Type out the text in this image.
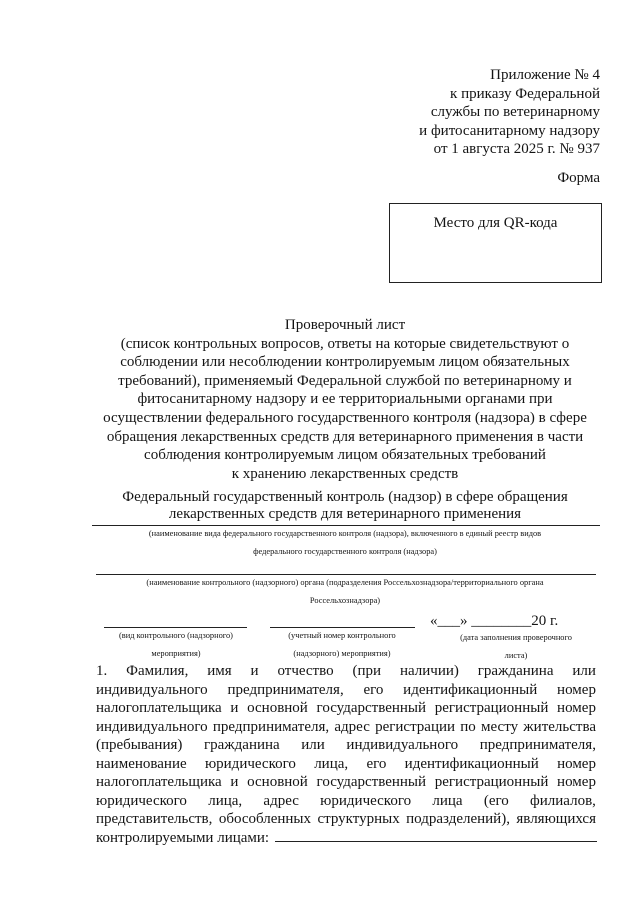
Приложение № 4
к приказу Федеральной
службы по ветеринарному
и фитосанитарному надзору
от 1 августа 2025 г. № 937
Форма
Место для QR-кода
Проверочный лист
(список контрольных вопросов, ответы на которые свидетельствуют о
соблюдении или несоблюдении контролируемым лицом обязательных
требований), применяемый Федеральной службой по ветеринарному и
фитосанитарному надзору и ее территориальными органами при
осуществлении федерального государственного контроля (надзора) в сфере
обращения лекарственных средств для ветеринарного применения в части
соблюдения контролируемым лицом обязательных требований
к хранению лекарственных средств
Федеральный государственный контроль (надзор) в сфере обращения
лекарственных средств для ветеринарного применения
(наименование вида федерального государственного контроля (надзора), включенного в единый реестр видов
федерального государственного контроля (надзора)
(наименование контрольного (надзорного) органа (подразделения Россельхознадзора/территориального органа
Россельхознадзора)
(вид контрольного (надзорного)
мероприятия)
(учетный номер контрольного
(надзорного) мероприятия)
«___» ________20 г.
(дата заполнения проверочного
листа)
1. Фамилия, имя и отчество (при наличии) гражданина или
индивидуального предпринимателя, его идентификационный номер
налогоплательщика и основной государственный регистрационный номер
индивидуального предпринимателя, адрес регистрации по месту жительства
(пребывания) гражданина или индивидуального предпринимателя,
наименование юридического лица, его идентификационный номер
налогоплательщика и основной государственный регистрационный номер
юридического лица, адрес юридического лица (его филиалов,
представительств, обособленных структурных подразделений), являющихся
контролируемыми лицами:
